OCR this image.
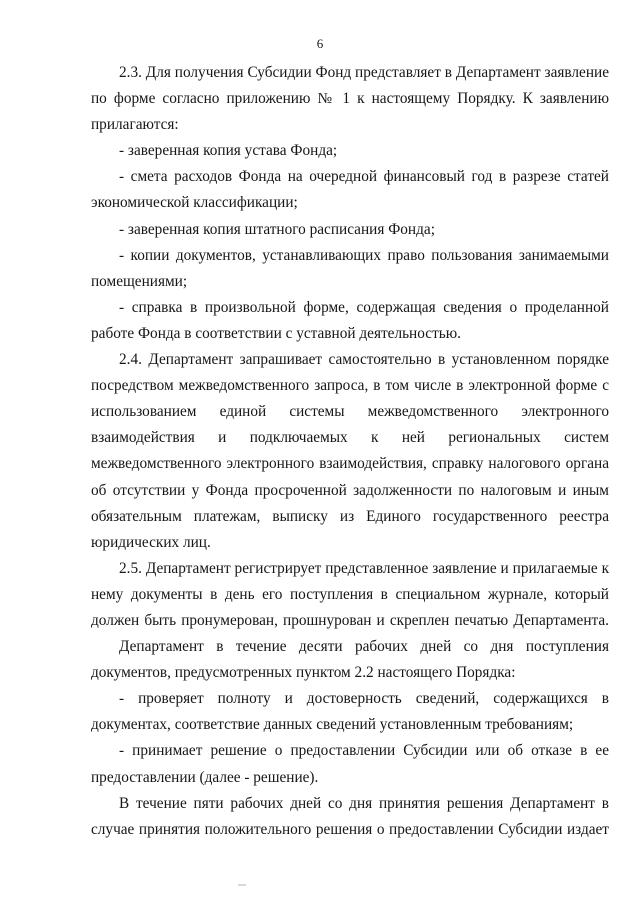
6
2.3. Для получения Субсидии Фонд представляет в Департамент заявление
по форме согласно приложению № 1 к настоящему Порядку. К заявлению
прилагаются:
- заверенная копия устава Фонда;
- смета расходов Фонда на очередной финансовый год в разрезе статей
экономической классификации;
- заверенная копия штатного расписания Фонда;
- копии документов, устанавливающих право пользования занимаемыми
помещениями;
- справка в произвольной форме, содержащая сведения о проделанной
работе Фонда в соответствии с уставной деятельностью.
2.4. Департамент запрашивает самостоятельно в установленном порядке
посредством межведомственного запроса, в том числе в электронной форме с
использованием единой системы межведомственного электронного
взаимодействия и подключаемых к ней региональных систем
межведомственного электронного взаимодействия, справку налогового органа
об отсутствии у Фонда просроченной задолженности по налоговым и иным
обязательным платежам, выписку из Единого государственного реестра
юридических лиц.
2.5. Департамент регистрирует представленное заявление и прилагаемые к
нему документы в день его поступления в специальном журнале, который
должен быть пронумерован, прошнурован и скреплен печатью Департамента.
Департамент в течение десяти рабочих дней со дня поступления
документов, предусмотренных пунктом 2.2 настоящего Порядка:
- проверяет полноту и достоверность сведений, содержащихся в
документах, соответствие данных сведений установленным требованиям;
- принимает решение о предоставлении Субсидии или об отказе в ее
предоставлении (далее - решение).
В течение пяти рабочих дней со дня принятия решения Департамент в
случае принятия положительного решения о предоставлении Субсидии издает
